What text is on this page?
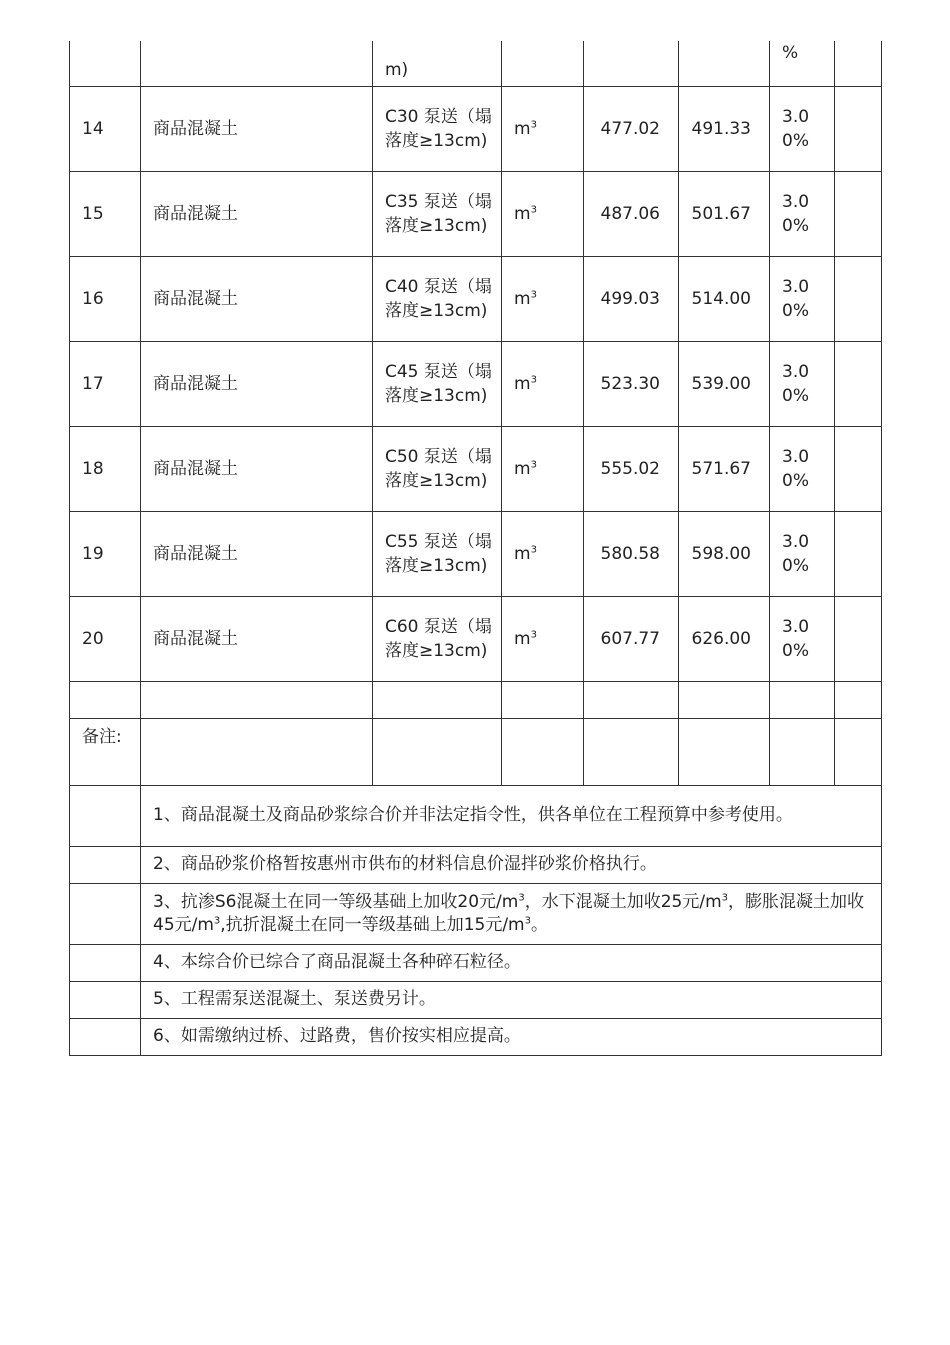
		m)				%	
14	商品混凝土	C30 泵送（塌落度≥13cm)	$m^3$	477.02	491.33	3.00%	
15	商品混凝土	C35 泵送（塌落度≥13cm)	$m^3$	487.06	501.67	3.00%	
16	商品混凝土	C40 泵送（塌落度≥13cm)	$m^3$	499.03	514.00	3.00%	
17	商品混凝土	C45 泵送（塌落度≥13cm)	$m^3$	523.30	539.00	3.00%	
18	商品混凝土	C50 泵送（塌落度≥13cm)	$m^3$	555.02	571.67	3.00%	
19	商品混凝土	C55 泵送（塌落度≥13cm)	$m^3$	580.58	598.00	3.00%	
20	商品混凝土	C60 泵送（塌落度≥13cm)	$m^3$	607.77	626.00	3.00%	

备注:							
	1、商品混凝土及商品砂浆综合价并非法定指令性，供各单位在工程预算中参考使用。						
	2、商品砂浆价格暂按惠州市供布的材料信息价湿拌砂浆价格执行。						
	3、抗渗S6混凝土在同一等级基础上加收20元$/m^3$，水下混凝土加收25元$/m^3$，膨胀混凝土加收45元$/m^3$,抗折混凝土在同一等级基础上加15元$/m^3$。						
	4、本综合价已综合了商品混凝土各种碎石粒径。						
	5、工程需泵送混凝土、泵送费另计。						
	6、如需缴纳过桥、过路费，售价按实相应提高。						
